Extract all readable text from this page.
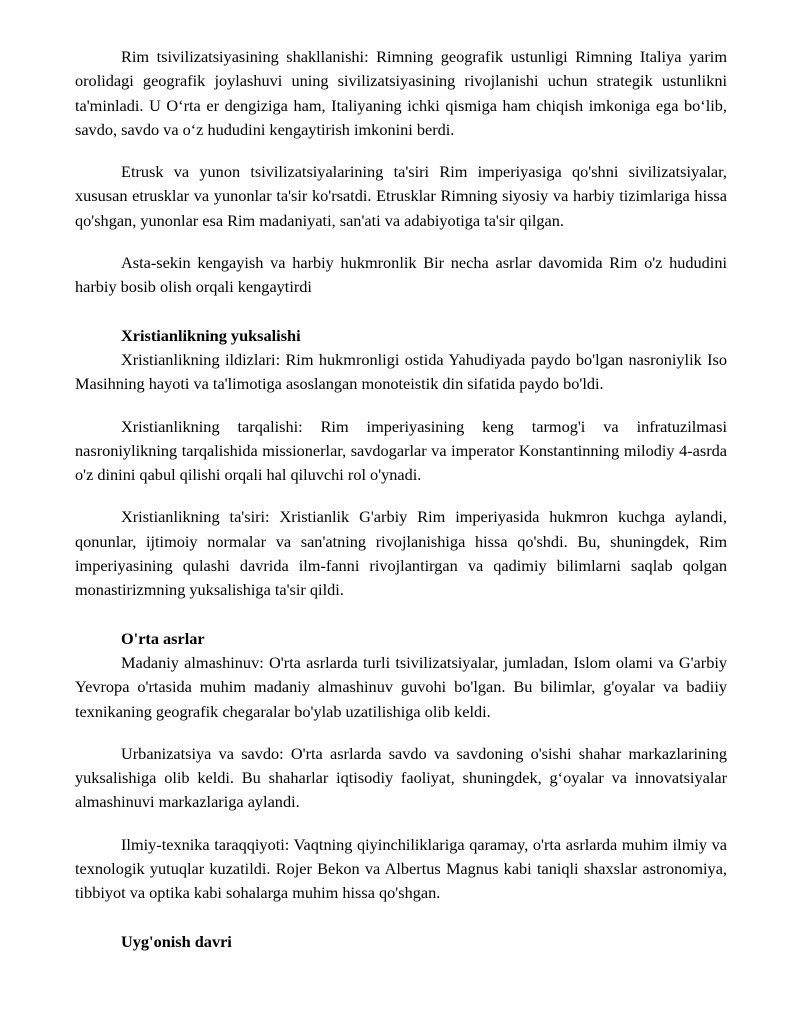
Rim tsivilizatsiyasining shakllanishi: Rimning geografik ustunligi Rimning Italiya yarim orolidagi geografik joylashuvi uning sivilizatsiyasining rivojlanishi uchun strategik ustunlikni ta'minladi. U O‘rta er dengiziga ham, Italiyaning ichki qismiga ham chiqish imkoniga ega bo‘lib, savdo, savdo va o‘z hududini kengaytirish imkonini berdi.

Etrusk va yunon tsivilizatsiyalarining ta'siri Rim imperiyasiga qo'shni sivilizatsiyalar, xususan etrusklar va yunonlar ta'sir ko'rsatdi. Etrusklar Rimning siyosiy va harbiy tizimlariga hissa qo'shgan, yunonlar esa Rim madaniyati, san'ati va adabiyotiga ta'sir qilgan.

Asta-sekin kengayish va harbiy hukmronlik Bir necha asrlar davomida Rim o'z hududini harbiy bosib olish orqali kengaytirdi

Xristianlikning yuksalishi

Xristianlikning ildizlari: Rim hukmronligi ostida Yahudiyada paydo bo'lgan nasroniylik Iso Masihning hayoti va ta'limotiga asoslangan monoteistik din sifatida paydo bo'ldi.

Xristianlikning tarqalishi: Rim imperiyasining keng tarmog'i va infratuzilmasi nasroniylikning tarqalishida missionerlar, savdogarlar va imperator Konstantinning milodiy 4-asrda o'z dinini qabul qilishi orqali hal qiluvchi rol o'ynadi.

Xristianlikning ta'siri: Xristianlik G'arbiy Rim imperiyasida hukmron kuchga aylandi, qonunlar, ijtimoiy normalar va san'atning rivojlanishiga hissa qo'shdi. Bu, shuningdek, Rim imperiyasining qulashi davrida ilm-fanni rivojlantirgan va qadimiy bilimlarni saqlab qolgan monastirizmning yuksalishiga ta'sir qildi.

O'rta asrlar

Madaniy almashinuv: O'rta asrlarda turli tsivilizatsiyalar, jumladan, Islom olami va G'arbiy Yevropa o'rtasida muhim madaniy almashinuv guvohi bo'lgan. Bu bilimlar, g'oyalar va badiiy texnikaning geografik chegaralar bo'ylab uzatilishiga olib keldi.

Urbanizatsiya va savdo: O'rta asrlarda savdo va savdoning o'sishi shahar markazlarining yuksalishiga olib keldi. Bu shaharlar iqtisodiy faoliyat, shuningdek, g‘oyalar va innovatsiyalar almashinuvi markazlariga aylandi.

Ilmiy-texnika taraqqiyoti: Vaqtning qiyinchiliklariga qaramay, o'rta asrlarda muhim ilmiy va texnologik yutuqlar kuzatildi. Rojer Bekon va Albertus Magnus kabi taniqli shaxslar astronomiya, tibbiyot va optika kabi sohalarga muhim hissa qo'shgan.

Uyg'onish davri
